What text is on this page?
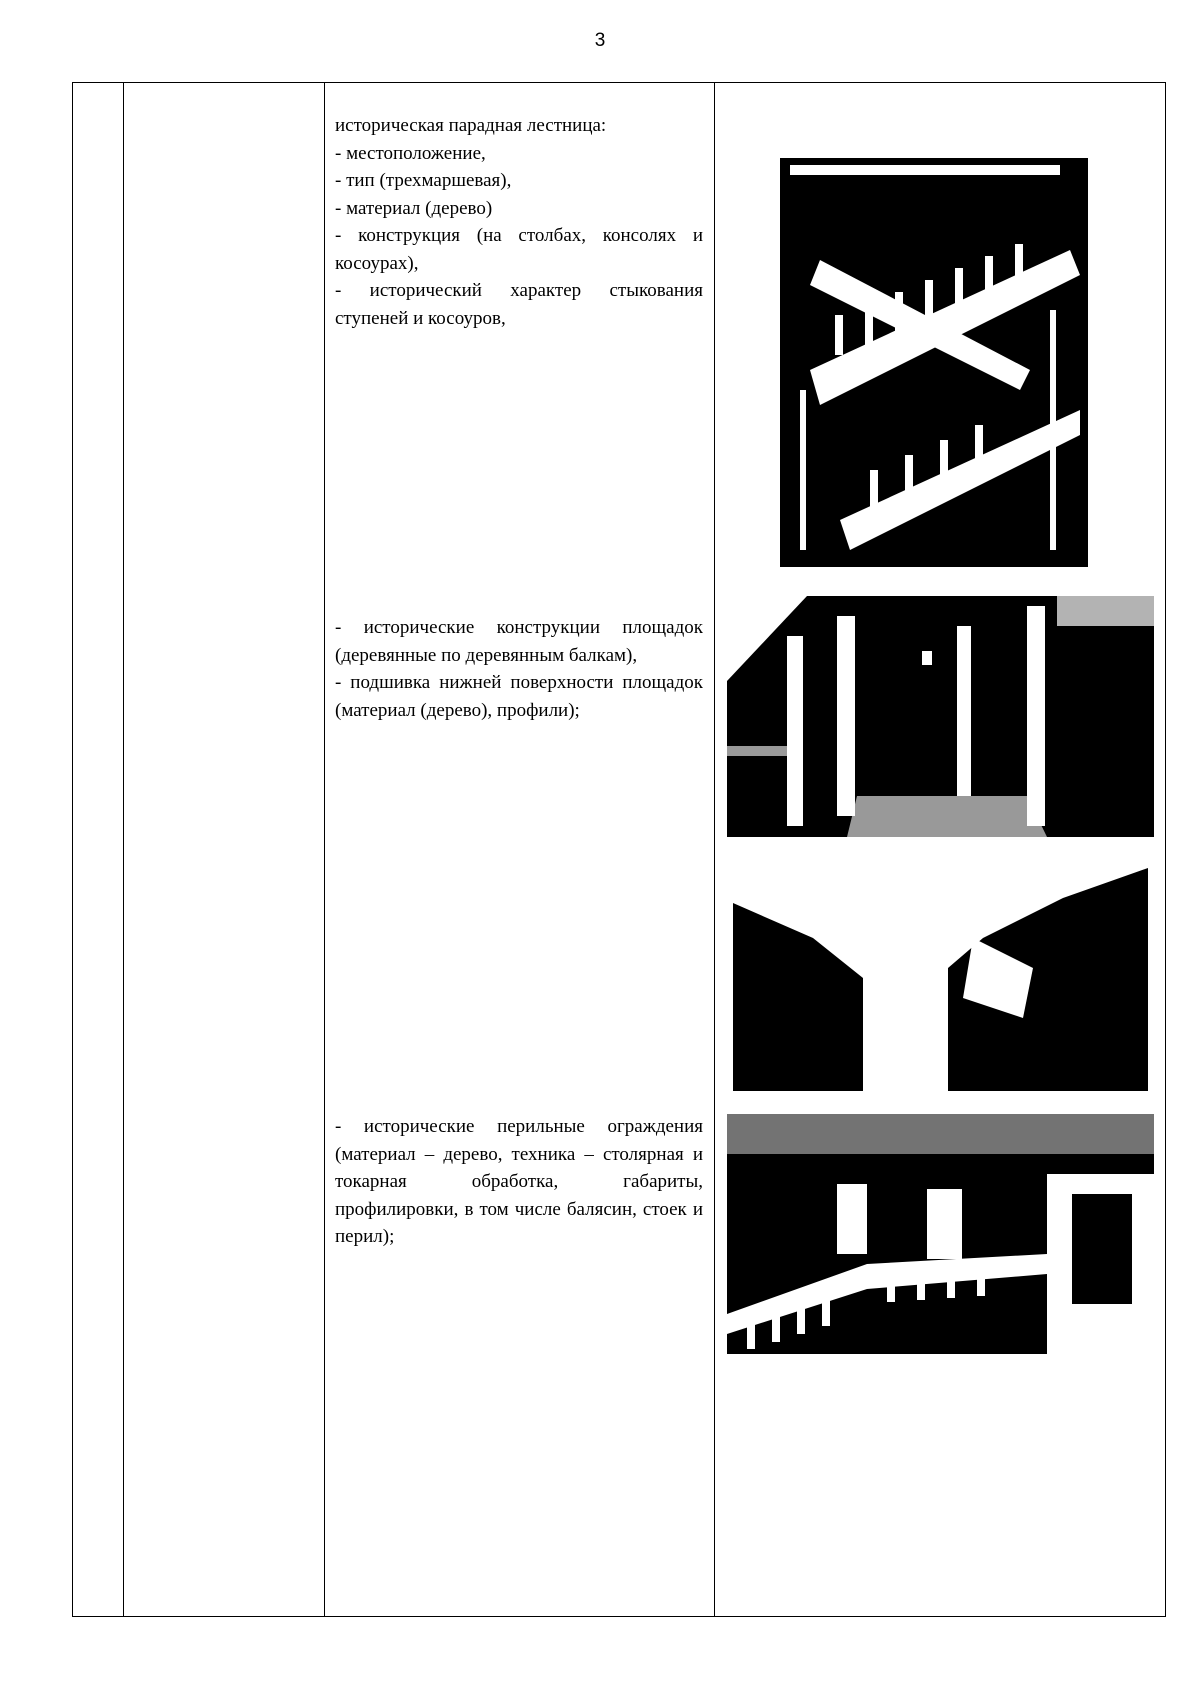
3

историческая парадная лестница:

- местоположение,

- тип (трехмаршевая),

- материал (дерево)

- конструкция (на столбах, консолях и косоурах),

- исторический характер стыкования ступеней и косоуров,

- исторические конструкции площадок (деревянные по деревянным балкам),

- подшивка нижней поверхности площадок (материал (дерево), профили);

- исторические перильные ограждения (материал – дерево, техника – столярная и токарная обработка, габариты, профилировки, в том числе балясин, стоек и перил);
